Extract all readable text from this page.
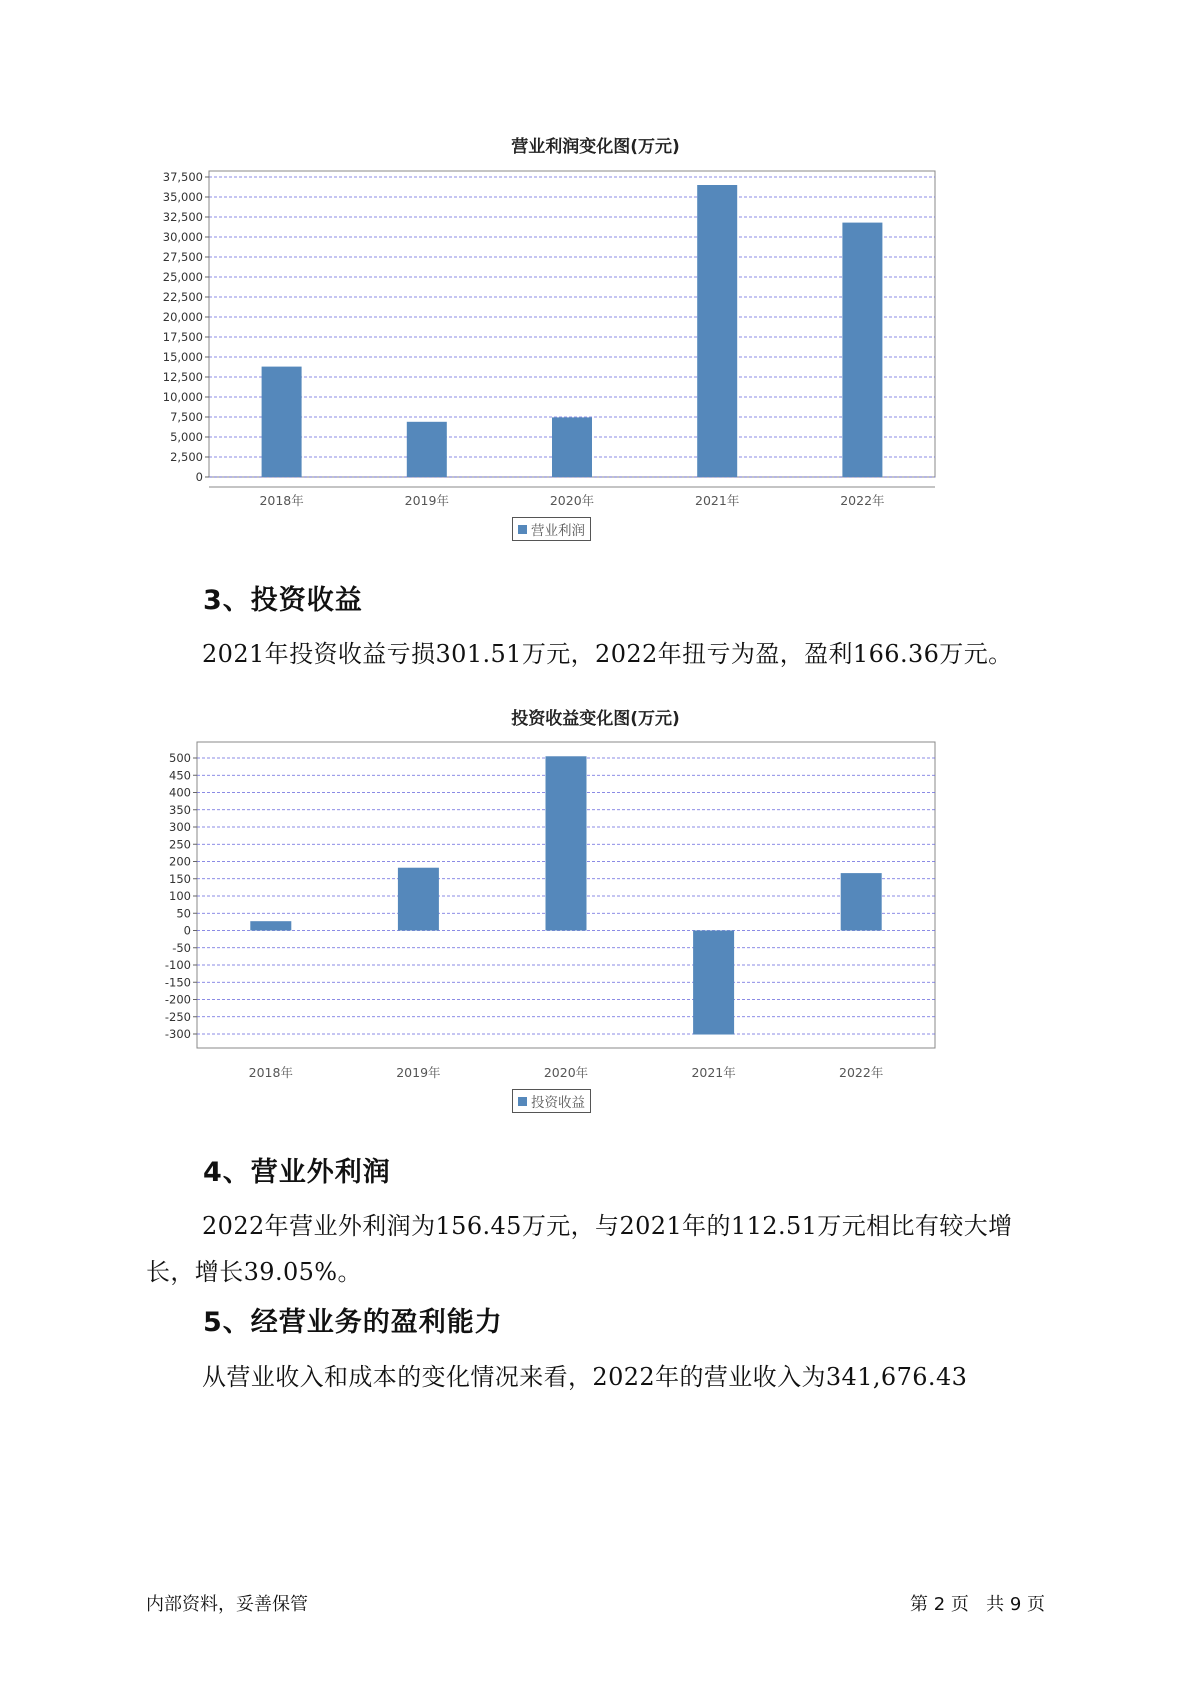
营业利润变化图(万元)
0
2,500
5,000
7,500
10,000
12,500
15,000
17,500
20,000
22,500
25,000
27,500
30,000
32,500
35,000
37,500
2018年	2019年	2020年	2021年	2022年
营业利润
3、投资收益

2021年投资收益亏损301.51万元，2022年扭亏为盈，盈利166.36万元。

投资收益变化图(万元)
-300
-250
-200
-150
-100
-50
0
50
100
150
200
250
300
350
400
450
500
2018年	2019年	2020年	2021年	2022年
投资收益
4、营业外利润

2022年营业外利润为156.45万元，与2021年的112.51万元相比有较大增长，增长39.05%。

5、经营业务的盈利能力

从营业收入和成本的变化情况来看，2022年的营业收入为341,676.43

内部资料，妥善保管	第 2 页   共 9 页
